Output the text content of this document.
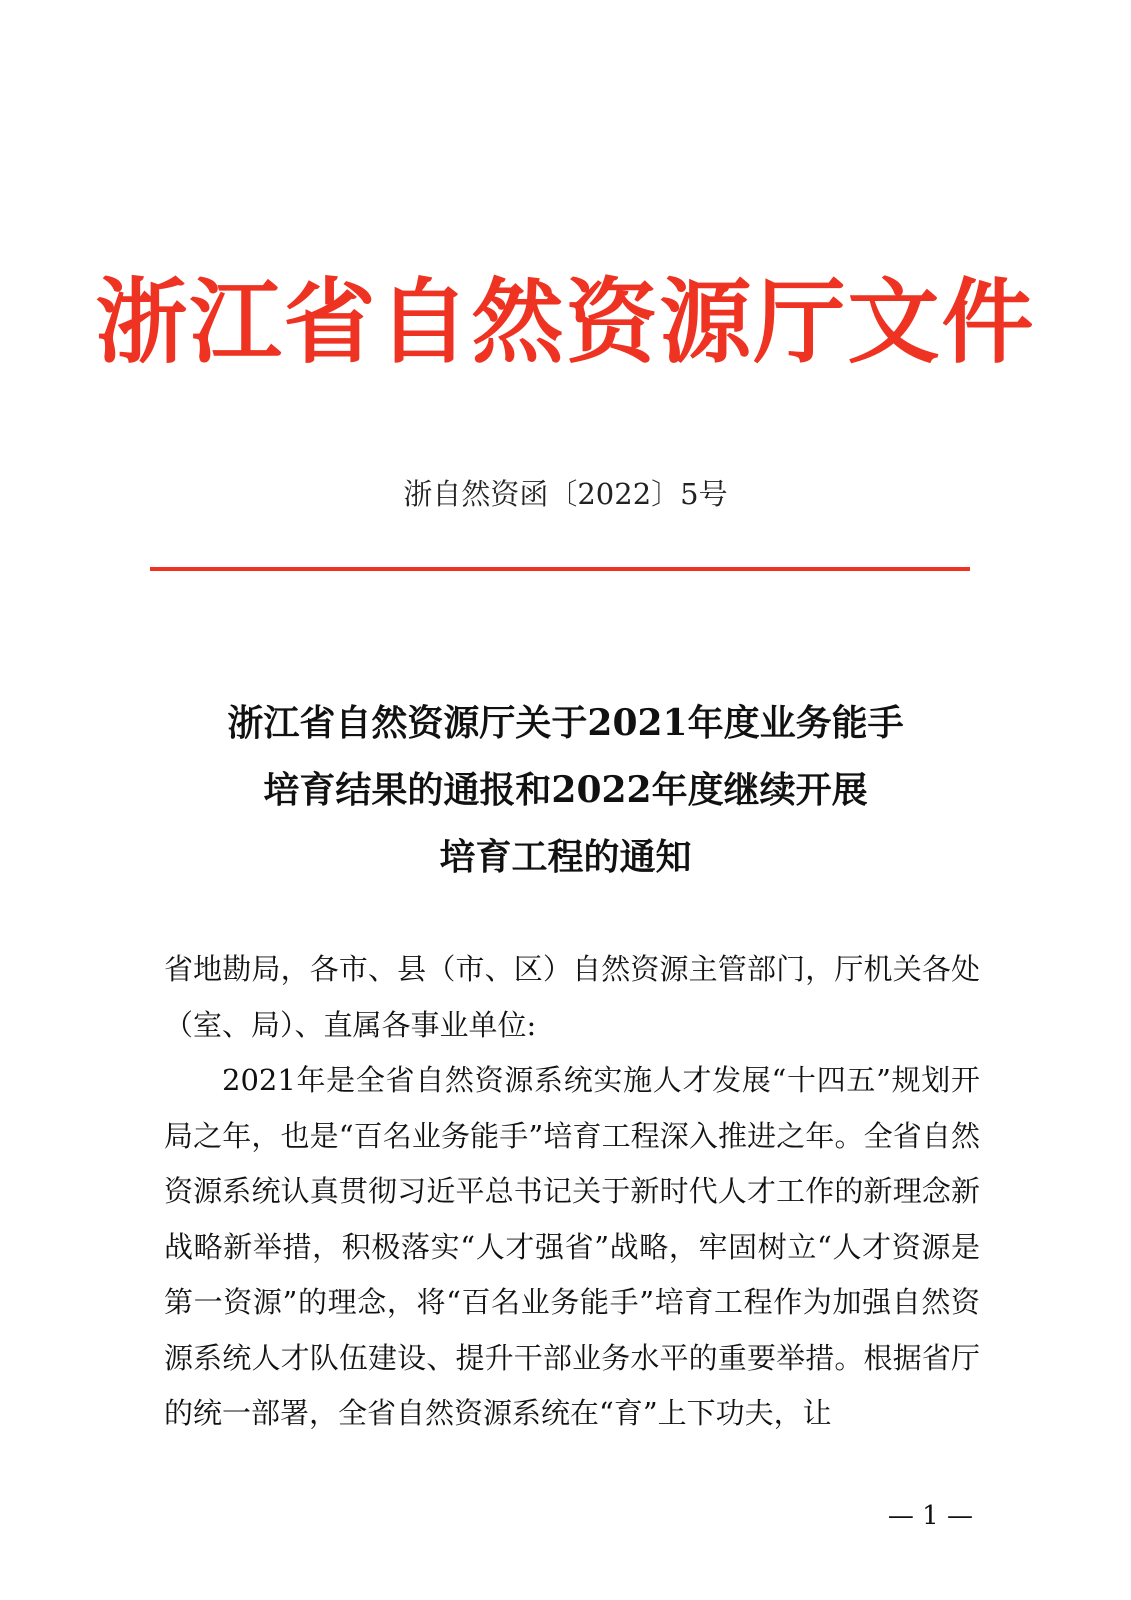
浙江省自然资源厅文件
浙自然资函〔2022〕5号
浙江省自然资源厅关于2021年度业务能手
培育结果的通报和2022年度继续开展
培育工程的通知

省地勘局，各市、县（市、区）自然资源主管部门，厅机关各处（室、局）、直属各事业单位:

2021年是全省自然资源系统实施人才发展“十四五”规划开局之年，也是“百名业务能手”培育工程深入推进之年。全省自然资源系统认真贯彻习近平总书记关于新时代人才工作的新理念新战略新举措，积极落实“人才强省”战略，牢固树立“人才资源是第一资源”的理念，将“百名业务能手”培育工程作为加强自然资源系统人才队伍建设、提升干部业务水平的重要举措。根据省厅的统一部署，全省自然资源系统在“育”上下功夫，让

— 1 —
